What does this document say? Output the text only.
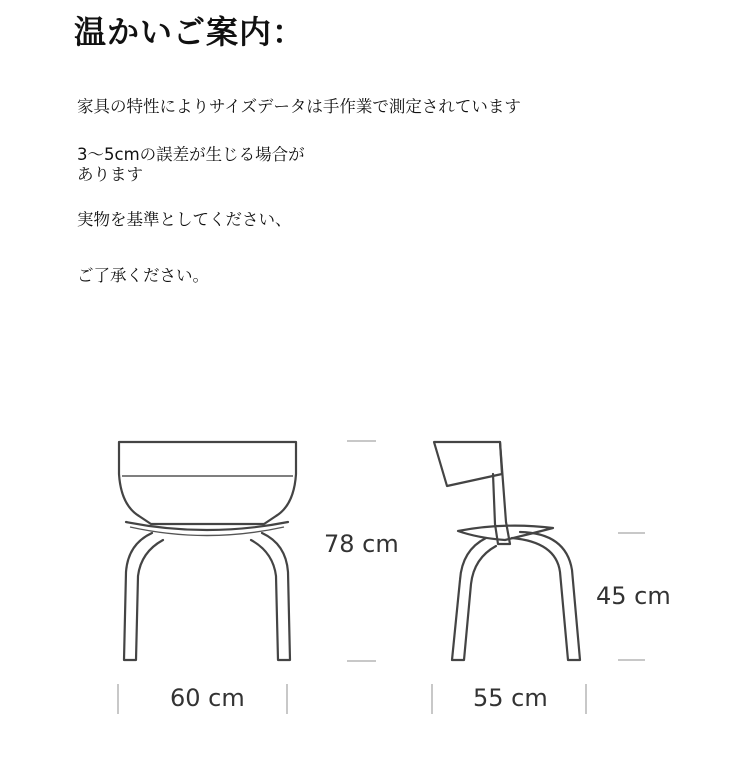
温かいご案内：

家具の特性によりサイズデータは手作業で測定されています

3〜5cmの誤差が生じる場合が

あります

実物を基準としてください、

ご了承ください。

78 cm
45 cm
60 cm	55 cm
